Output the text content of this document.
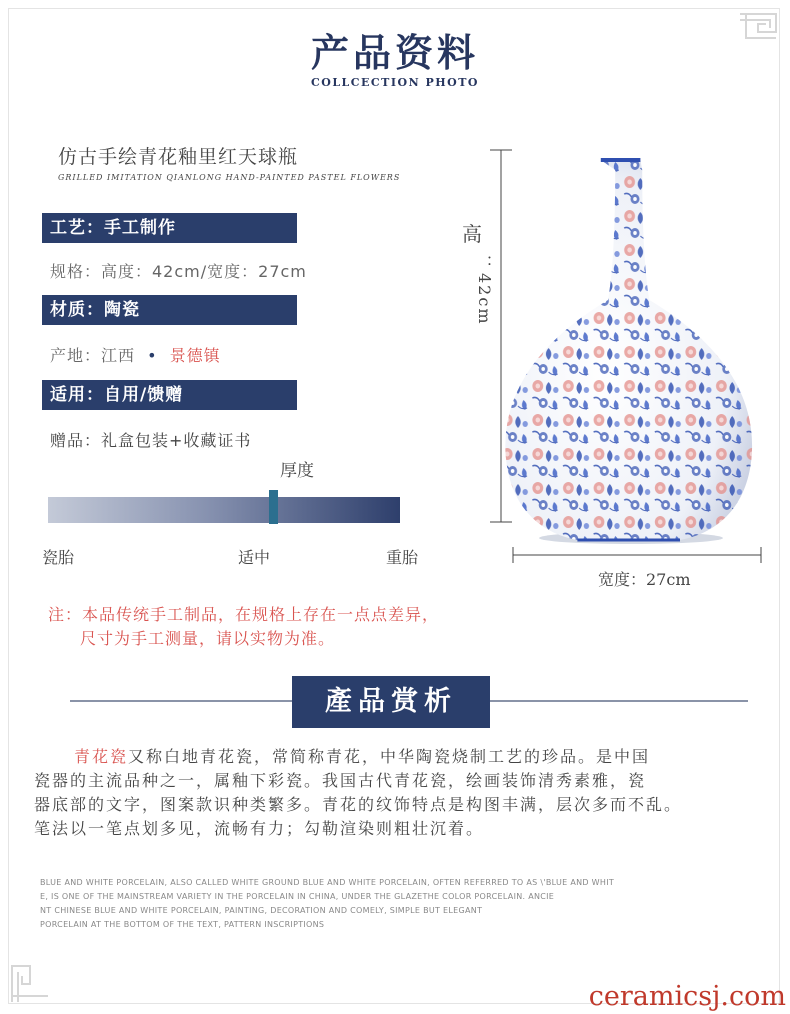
产品资料
COLLCECTION PHOTO
仿古手绘青花釉里红天球瓶
GRILLED IMITATION QIANLONG HAND-PAINTED PASTEL FLOWERS
工艺：手工制作
规格：高度：42cm/宽度：27cm
材质：陶瓷
产地：江西 • 景德镇
适用：自用/馈赠
赠品：礼盒包装+收藏证书
厚度
瓷胎	适中	重胎
注：本品传统手工制品，在规格上存在一点点差异，
尺寸为手工测量，请以实物为准。
高
：42cm
宽度：27cm
產品赏析
青花瓷又称白地青花瓷，常简称青花，中华陶瓷烧制工艺的珍品。是中国
瓷器的主流品种之一，属釉下彩瓷。我国古代青花瓷，绘画装饰清秀素雅，瓷
器底部的文字，图案款识种类繁多。青花的纹饰特点是构图丰满，层次多而不乱。
笔法以一笔点划多见，流畅有力；勾勒渲染则粗壮沉着。
BLUE AND WHITE PORCELAIN, ALSO CALLED WHITE GROUND BLUE AND WHITE PORCELAIN, OFTEN REFERRED TO AS \'BLUE AND WHIT
E, IS ONE OF THE MAINSTREAM VARIETY IN THE PORCELAIN IN CHINA, UNDER THE GLAZETHE COLOR PORCELAIN. ANCIE
NT CHINESE BLUE AND WHITE PORCELAIN, PAINTING, DECORATION AND COMELY, SIMPLE BUT ELEGANT
PORCELAIN AT THE BOTTOM OF THE TEXT, PATTERN INSCRIPTIONS
ceramicsj.com
